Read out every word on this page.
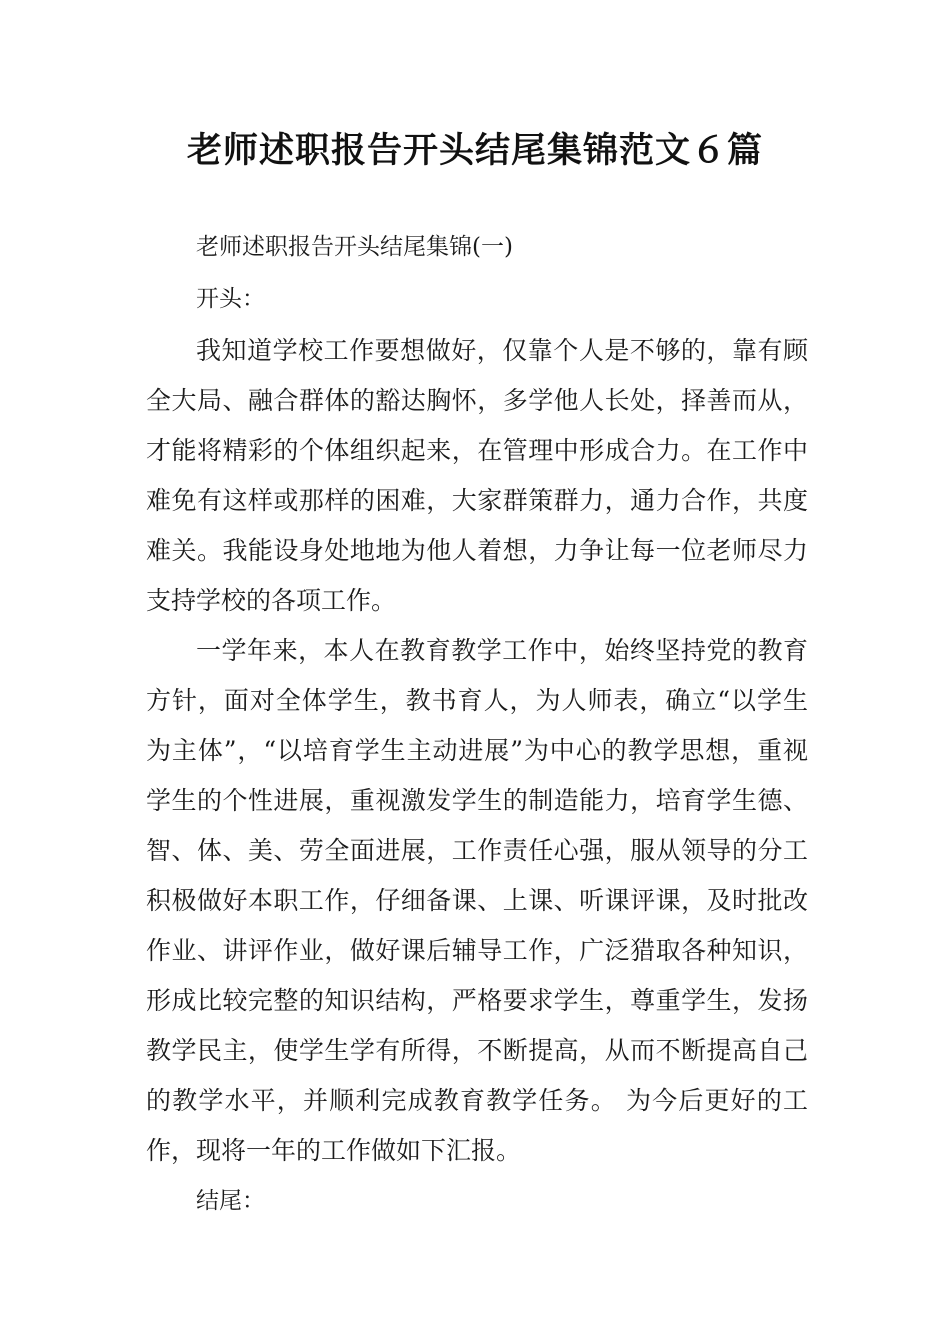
老师述职报告开头结尾集锦范文６篇

老师述职报告开头结尾集锦(一)

开头：

我知道学校工作要想做好，仅靠个人是不够的，靠有顾全大局、融合群体的豁达胸怀，多学他人长处，择善而从，才能将精彩的个体组织起来，在管理中形成合力。在工作中难免有这样或那样的困难，大家群策群力，通力合作，共度难关。我能设身处地地为他人着想，力争让每一位老师尽力支持学校的各项工作。

一学年来，本人在教育教学工作中，始终坚持党的教育方针，面对全体学生，教书育人，为人师表，确立“以学生为主体”，“以培育学生主动进展”为中心的教学思想，重视学生的个性进展，重视激发学生的制造能力，培育学生德、智、体、美、劳全面进展，工作责任心强，服从领导的分工积极做好本职工作，仔细备课、上课、听课评课，及时批改作业、讲评作业，做好课后辅导工作，广泛猎取各种知识，形成比较完整的知识结构，严格要求学生，尊重学生，发扬教学民主，使学生学有所得，不断提高，从而不断提高自己的教学水平，并顺利完成教育教学任务。 为今后更好的工作，现将一年的工作做如下汇报。

结尾：
